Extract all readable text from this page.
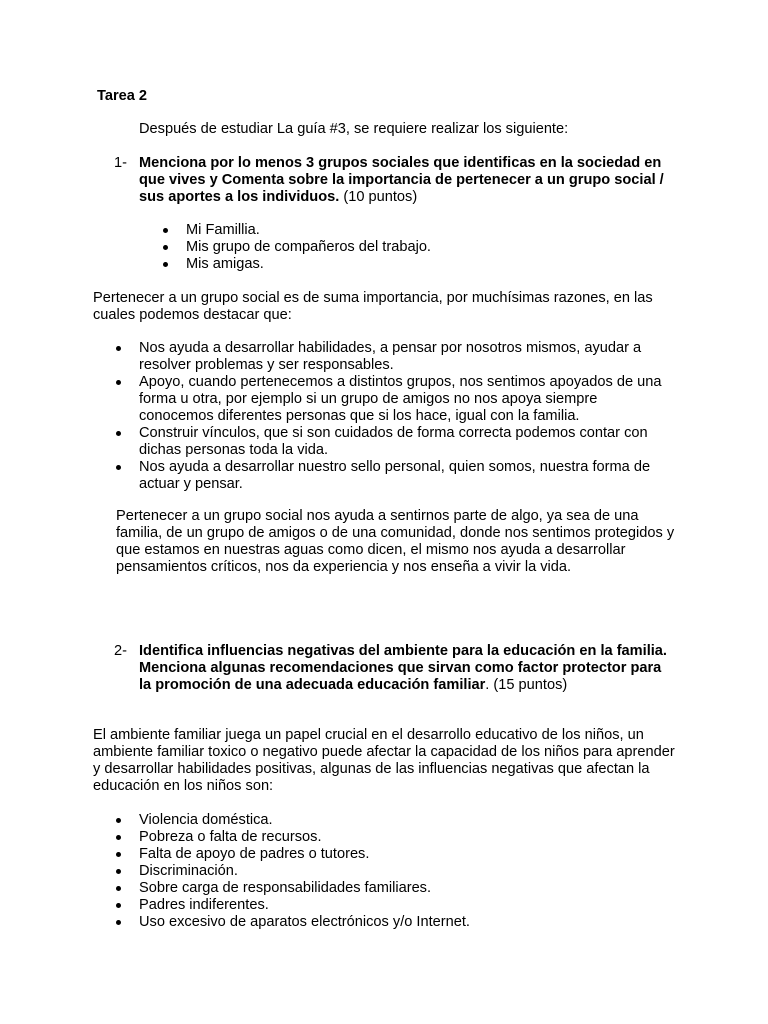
Tarea 2
Después de estudiar La guía #3, se requiere realizar los siguiente:
1- Menciona por lo menos 3 grupos sociales que identificas en la sociedad en que vives y Comenta sobre la importancia de pertenecer a un grupo social / sus aportes a los individuos. (10 puntos)
Mi Famillia.
Mis grupo de compañeros del trabajo.
Mis amigas.
Pertenecer a un grupo social es de suma importancia, por muchísimas razones, en las cuales podemos destacar que:
Nos ayuda a desarrollar habilidades, a pensar por nosotros mismos, ayudar a resolver problemas y ser responsables.
Apoyo, cuando pertenecemos a distintos grupos, nos sentimos apoyados de una forma u otra, por ejemplo si un grupo de amigos no nos apoya siempre conocemos diferentes personas que si los hace, igual con la familia.
Construir vínculos, que si son cuidados de forma correcta podemos contar con dichas personas toda la vida.
Nos ayuda a desarrollar nuestro sello personal, quien somos, nuestra forma de actuar y pensar.
Pertenecer a un grupo social nos ayuda a sentirnos parte de algo, ya sea de una familia, de un grupo de amigos o de una comunidad, donde nos sentimos protegidos y que estamos en nuestras aguas como dicen, el mismo nos ayuda a desarrollar pensamientos críticos, nos da experiencia y nos enseña a vivir la vida.
2- Identifica influencias negativas del ambiente para la educación en la familia. Menciona algunas recomendaciones que sirvan como factor protector para la promoción de una adecuada educación familiar. (15 puntos)
El ambiente familiar juega un papel crucial en el desarrollo educativo de los niños, un ambiente familiar toxico o negativo puede afectar la capacidad de los niños para aprender y desarrollar habilidades positivas, algunas de las influencias negativas que afectan la educación en los niños son:
Violencia doméstica.
Pobreza o falta de recursos.
Falta de apoyo de padres o tutores.
Discriminación.
Sobre carga de responsabilidades familiares.
Padres indiferentes.
Uso excesivo de aparatos electrónicos y/o Internet.
